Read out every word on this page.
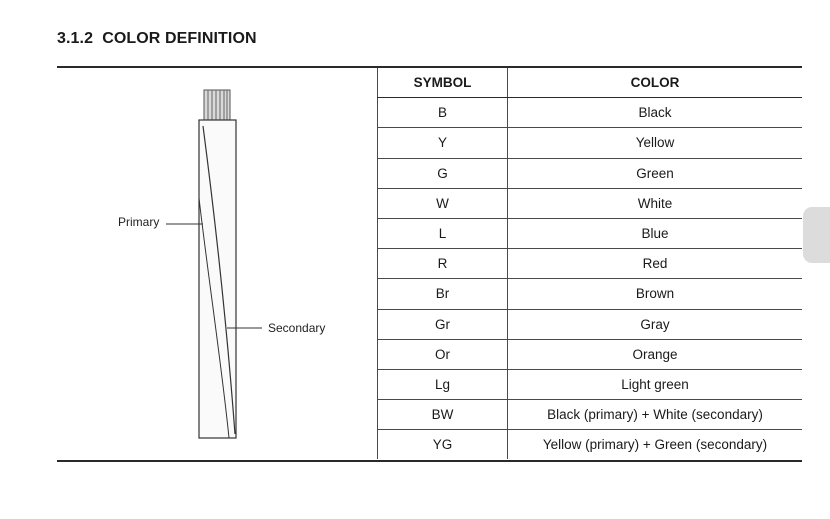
3.1.2 COLOR DEFINITION
Primary
Secondary
SYMBOL	COLOR
B	Black
Y	Yellow
G	Green
W	White
L	Blue
R	Red
Br	Brown
Gr	Gray
Or	Orange
Lg	Light green
BW	Black (primary) + White (secondary)
YG	Yellow (primary) + Green (secondary)
